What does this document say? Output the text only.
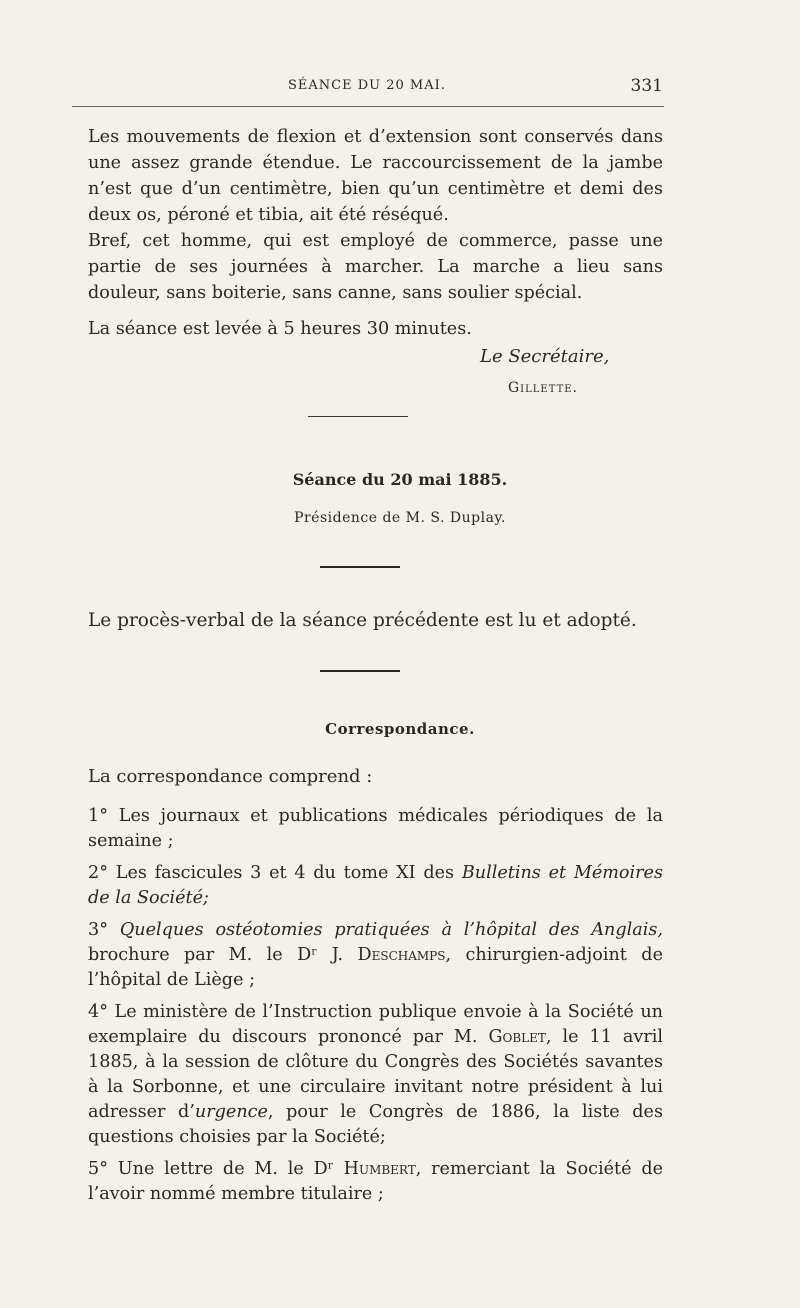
SÉANCE DU 20 MAI.	331

Les mouvements de flexion et d’extension sont conservés dans une assez grande étendue. Le raccourcissement de la jambe n’est que d’un centimètre, bien qu’un centimètre et demi des deux os, péroné et tibia, ait été réséqué.

Bref, cet homme, qui est employé de commerce, passe une partie de ses journées à marcher. La marche a lieu sans douleur, sans boiterie, sans canne, sans soulier spécial.

La séance est levée à 5 heures 30 minutes.

Le Secrétaire,
Gillette.
Séance du 20 mai 1885.
Présidence de M. S. Duplay.
Le procès-verbal de la séance précédente est lu et adopté.
Correspondance.
La correspondance comprend :

1° Les journaux et publications médicales périodiques de la semaine ;

2° Les fascicules 3 et 4 du tome XI des Bulletins et Mémoires de la Société;

3° Quelques ostéotomies pratiquées à l’hôpital des Anglais, brochure par M. le Dʳ J. Deschamps, chirurgien-adjoint de l’hôpital de Liège ;

4° Le ministère de l’Instruction publique envoie à la Société un exemplaire du discours prononcé par M. Goblet, le 11 avril 1885, à la session de clôture du Congrès des Sociétés savantes à la Sorbonne, et une circulaire invitant notre président à lui adresser d’urgence, pour le Congrès de 1886, la liste des questions choisies par la Société;

5° Une lettre de M. le Dʳ Humbert, remerciant la Société de l’avoir nommé membre titulaire ;
